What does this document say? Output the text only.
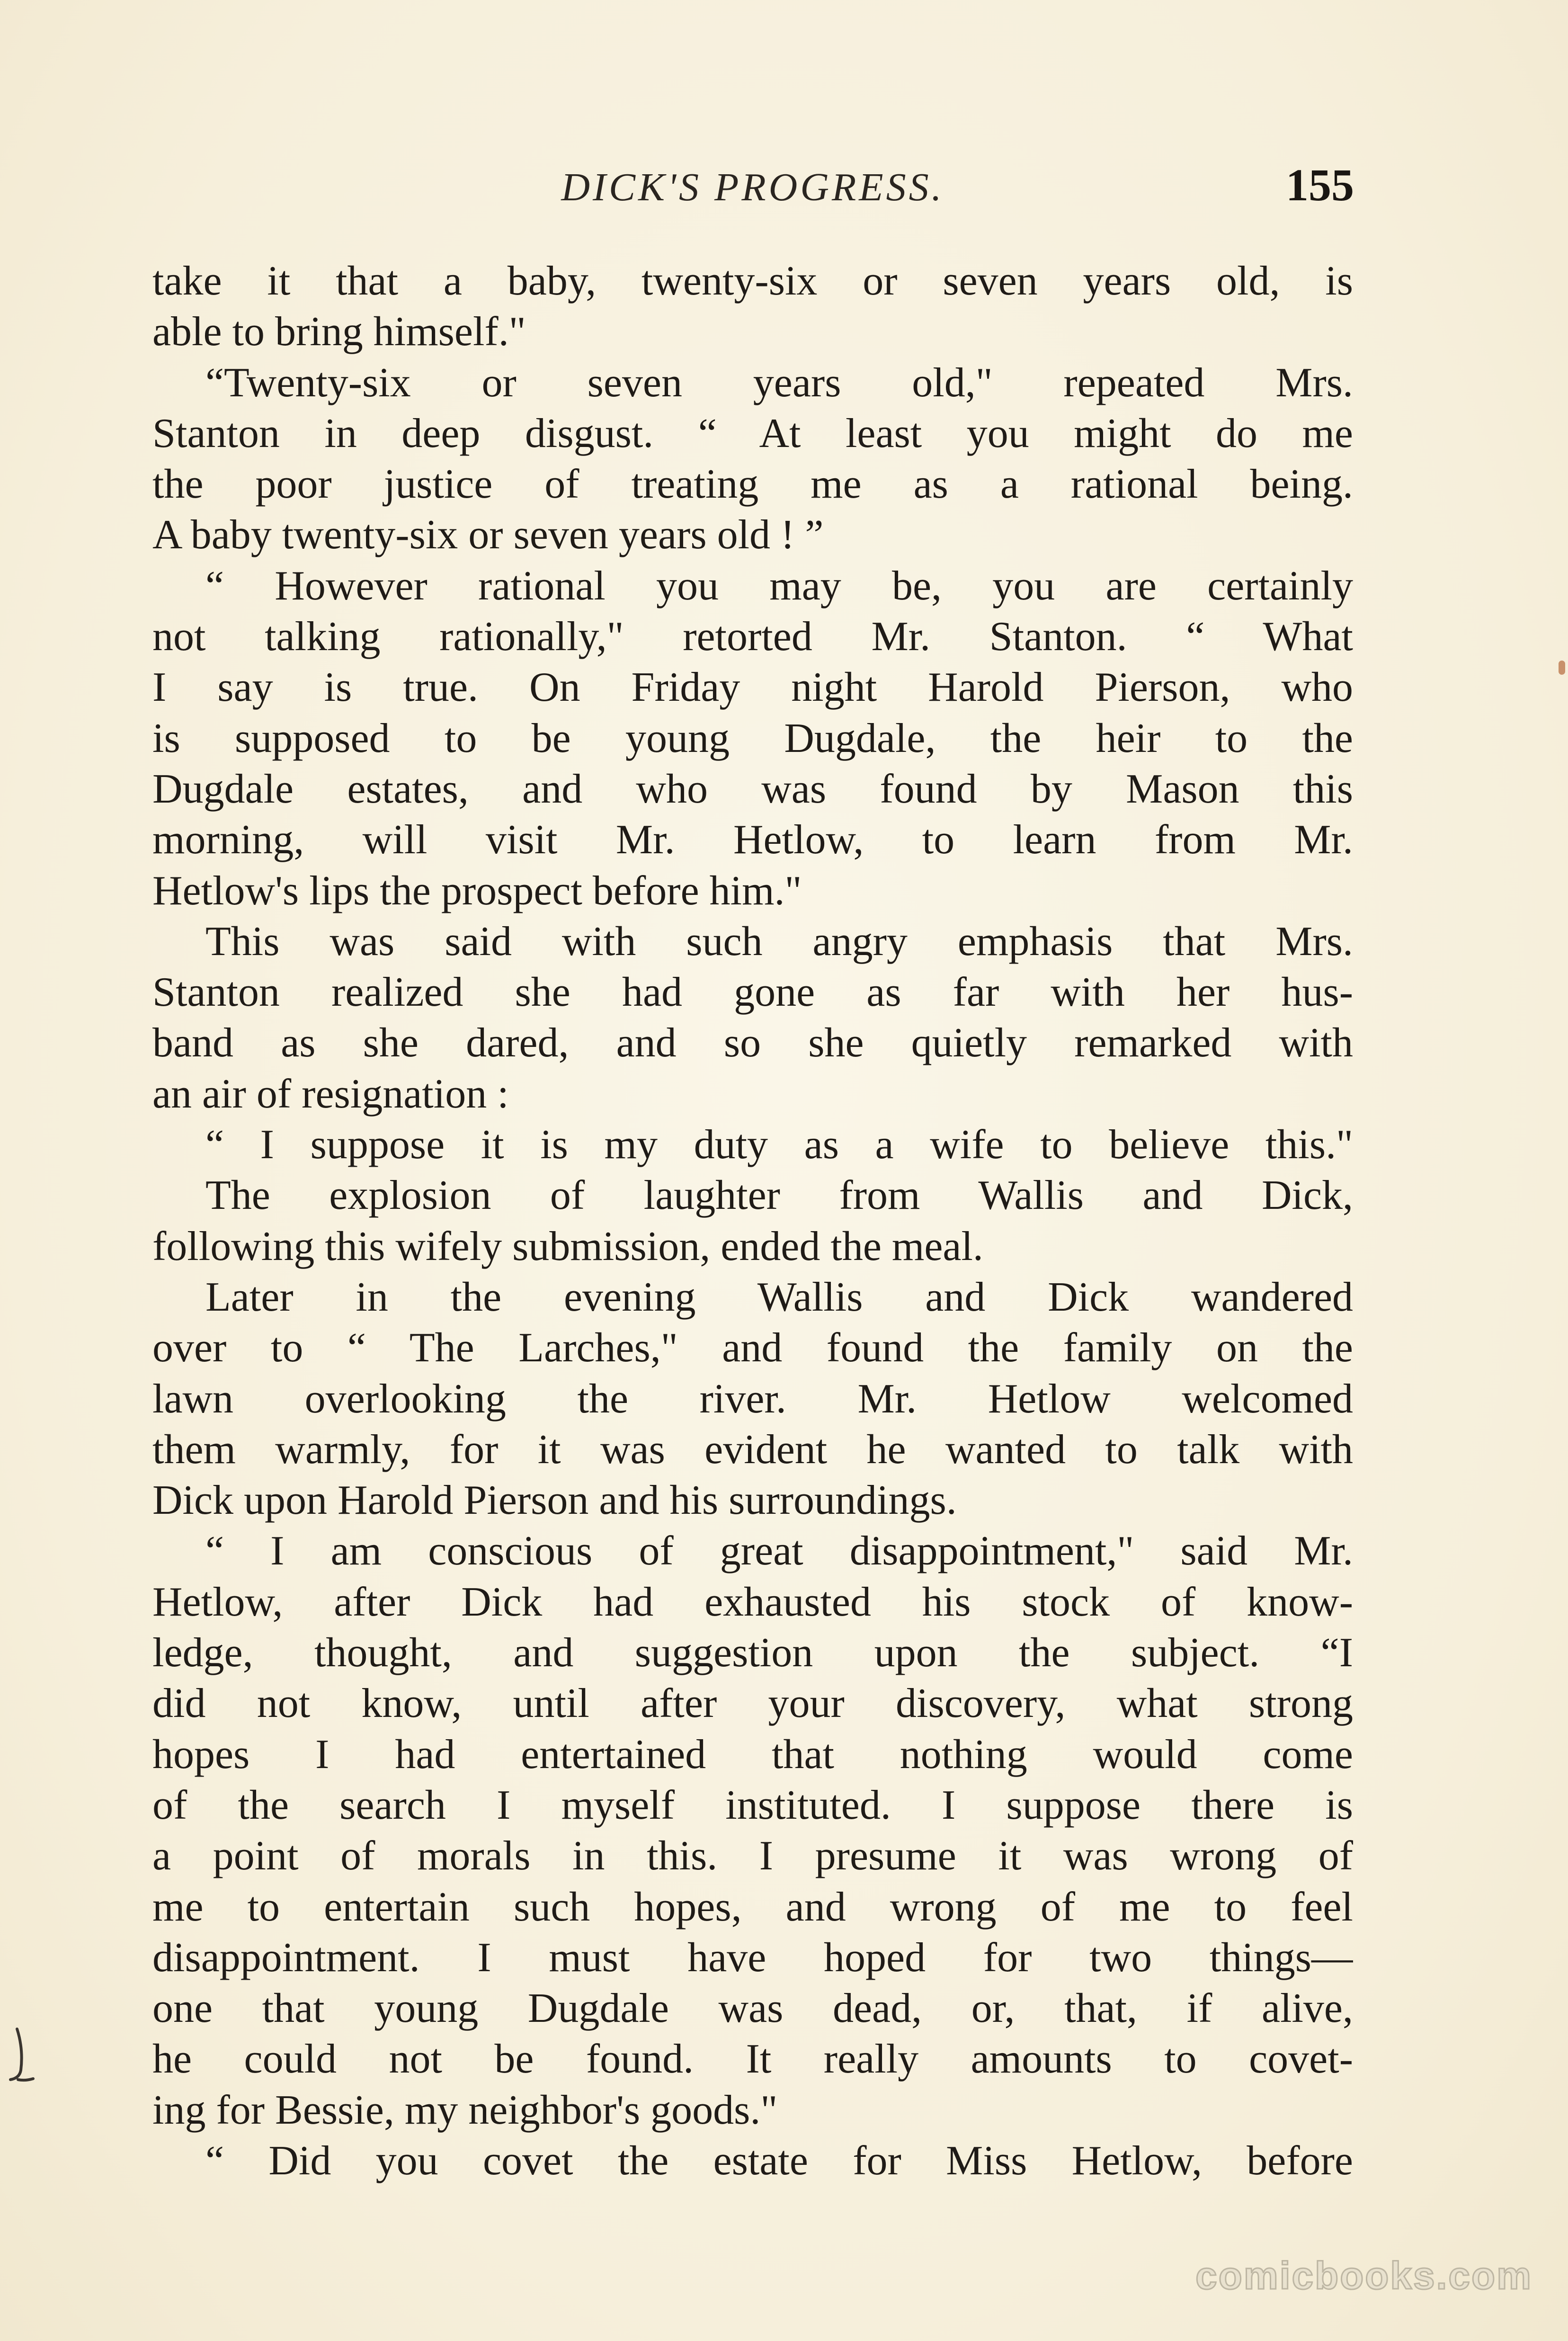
DICK'S PROGRESS.	155
take it that a baby, twenty-six or seven years old, is
able to bring himself."
“Twenty-six or seven years old," repeated Mrs.
Stanton in deep disgust. “ At least you might do me
the poor justice of treating me as a rational being.
A baby twenty-six or seven years old ! ”
“ However rational you may be, you are certainly
not talking rationally," retorted Mr. Stanton. “ What
I say is true. On Friday night Harold Pierson, who
is supposed to be young Dugdale, the heir to the
Dugdale estates, and who was found by Mason this
morning, will visit Mr. Hetlow, to learn from Mr.
Hetlow's lips the prospect before him."
This was said with such angry emphasis that Mrs.
Stanton realized she had gone as far with her hus-
band as she dared, and so she quietly remarked with
an air of resignation :
“ I suppose it is my duty as a wife to believe this."
The explosion of laughter from Wallis and Dick,
following this wifely submission, ended the meal.
Later in the evening Wallis and Dick wandered
over to “ The Larches," and found the family on the
lawn overlooking the river. Mr. Hetlow welcomed
them warmly, for it was evident he wanted to talk with
Dick upon Harold Pierson and his surroundings.
“ I am conscious of great disappointment," said Mr.
Hetlow, after Dick had exhausted his stock of know-
ledge, thought, and suggestion upon the subject. “I
did not know, until after your discovery, what strong
hopes I had entertained that nothing would come
of the search I myself instituted. I suppose there is
a point of morals in this. I presume it was wrong of
me to entertain such hopes, and wrong of me to feel
disappointment. I must have hoped for two things—
one that young Dugdale was dead, or, that, if alive,
he could not be found. It really amounts to covet-
ing for Bessie, my neighbor's goods."
“ Did you covet the estate for Miss Hetlow, before
comicbooks.com
